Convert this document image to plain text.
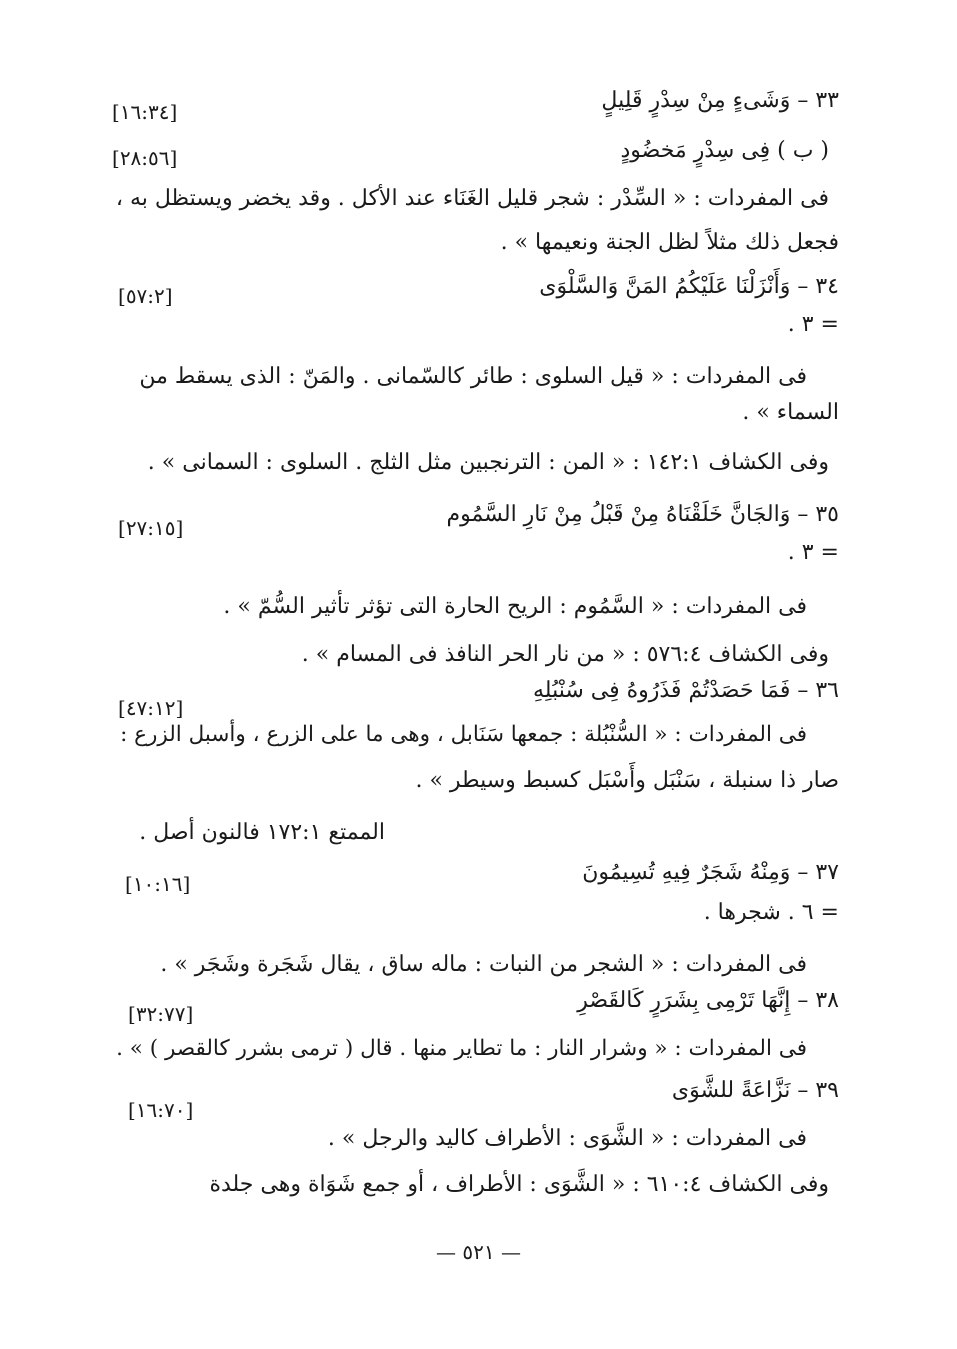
٣٣ – وَشَىءٍ مِنْ سِدْرٍ قَلِيلٍ
[١٦:٣٤]
( ب ) فِى سِدْرٍ مَخضُودٍ
[٢٨:٥٦]
فى المفردات : « السِّدْر : شجر قليل الغَنَاء عند الأكل . وقد يخضر ويستظل به ،
فجعل ذلك مثلاً لظل الجنة ونعيمها » .
٣٤ – وَأَنْزَلْنَا عَلَيْكُمُ المَنَّ وَالسَّلْوَى
[٥٧:٢]
= ٣ .
فى المفردات : « قيل السلوى : طائر كالسّمانى . والمَنّ : الذى يسقط من
السماء » .
وفى الكشاف ١٤٢:١ : « المن : الترنجبين مثل الثلج . السلوى : السمانى » .
٣٥ – وَالجَانَّ خَلَقْنَاهُ مِنْ قَبْلُ مِنْ نَارِ السَّمُوم
[٢٧:١٥]
= ٣ .
فى المفردات : « السَّمُوم : الريح الحارة التى تؤثر تأثير السُّمّ » .
وفى الكشاف ٥٧٦:٤ : « من نار الحر النافذ فى المسام » .
٣٦ – فَمَا حَصَدْتُمْ فَذَرُوهُ فِى سُنْبُلِهِ
[٤٧:١٢]
فى المفردات : « السُّنْبُلة : جمعها سَنَابل ، وهى ما على الزرع ، وأسبل الزرع :
صار ذا سنبلة ، سَنْبَل وأَسْبَل كسبط وسيطر » .
الممتع ١٧٢:١ فالنون أصل .
٣٧ – وَمِنْهُ شَجَرٌ فِيهِ تُسِيمُونَ
[١٠:١٦]
= ٦ . شجرها .
فى المفردات : « الشجر من النبات : ماله ساق ، يقال شَجَرة وشَجَر » .
٣٨ – إِنَّهَا تَرْمِى بِشَرَرٍ كَالقَصْرِ
[٣٢:٧٧]
فى المفردات : « وشرار النار : ما تطاير منها . قال ( ترمى بشرر كالقصر ) » .
٣٩ – نَزَّاعَةً للشَّوَى
[١٦:٧٠]
فى المفردات : « الشَّوَى : الأطراف كاليد والرجل » .
وفى الكشاف ٦١٠:٤ : « الشَّوَى : الأطراف ، أو جمع شَوَاة وهى جلدة
— ٥٢١ —
